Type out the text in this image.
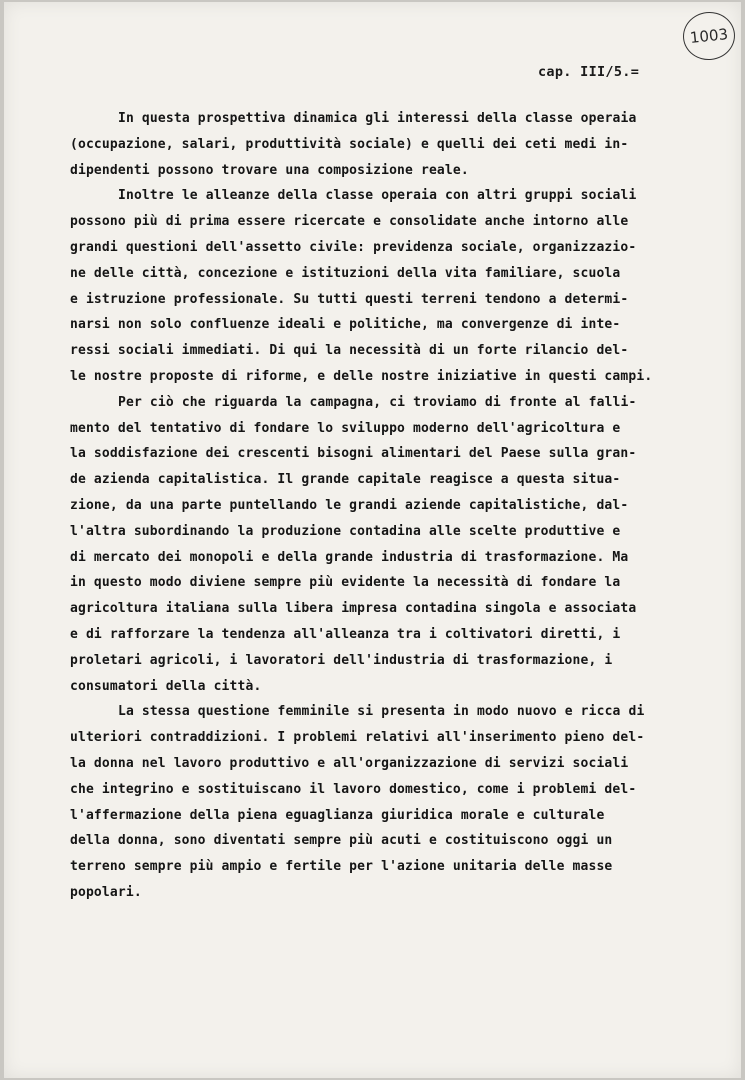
1003
cap. III/5.=
In questa prospettiva dinamica gli interessi della classe operaia
(occupazione, salari, produttività sociale) e quelli dei ceti medi in-
dipendenti possono trovare una composizione reale.
Inoltre le alleanze della classe operaia con altri gruppi sociali
possono più di prima essere ricercate e consolidate anche intorno alle
grandi questioni dell'assetto civile: previdenza sociale, organizzazio-
ne delle città, concezione e istituzioni della vita familiare, scuola
e istruzione professionale. Su tutti questi terreni tendono a determi-
narsi non solo confluenze ideali e politiche, ma convergenze di inte-
ressi sociali immediati. Di qui la necessità di un forte rilancio del-
le nostre proposte di riforme, e delle nostre iniziative in questi campi.
Per ciò che riguarda la campagna, ci troviamo di fronte al falli-
mento del tentativo di fondare lo sviluppo moderno dell'agricoltura e
la soddisfazione dei crescenti bisogni alimentari del Paese sulla gran-
de azienda capitalistica. Il grande capitale reagisce a questa situa-
zione, da una parte puntellando le grandi aziende capitalistiche, dal-
l'altra subordinando la produzione contadina alle scelte produttive e
di mercato dei monopoli e della grande industria di trasformazione. Ma
in questo modo diviene sempre più evidente la necessità di fondare la
agricoltura italiana sulla libera impresa contadina singola e associata
e di rafforzare la tendenza all'alleanza tra i coltivatori diretti, i
proletari agricoli, i lavoratori dell'industria di trasformazione, i
consumatori della città.
La stessa questione femminile si presenta in modo nuovo e ricca di
ulteriori contraddizioni. I problemi relativi all'inserimento pieno del-
la donna nel lavoro produttivo e all'organizzazione di servizi sociali
che integrino e sostituiscano il lavoro domestico, come i problemi del-
l'affermazione della piena eguaglianza giuridica morale e culturale
della donna, sono diventati sempre più acuti e costituiscono oggi un
terreno sempre più ampio e fertile per l'azione unitaria delle masse
popolari.
